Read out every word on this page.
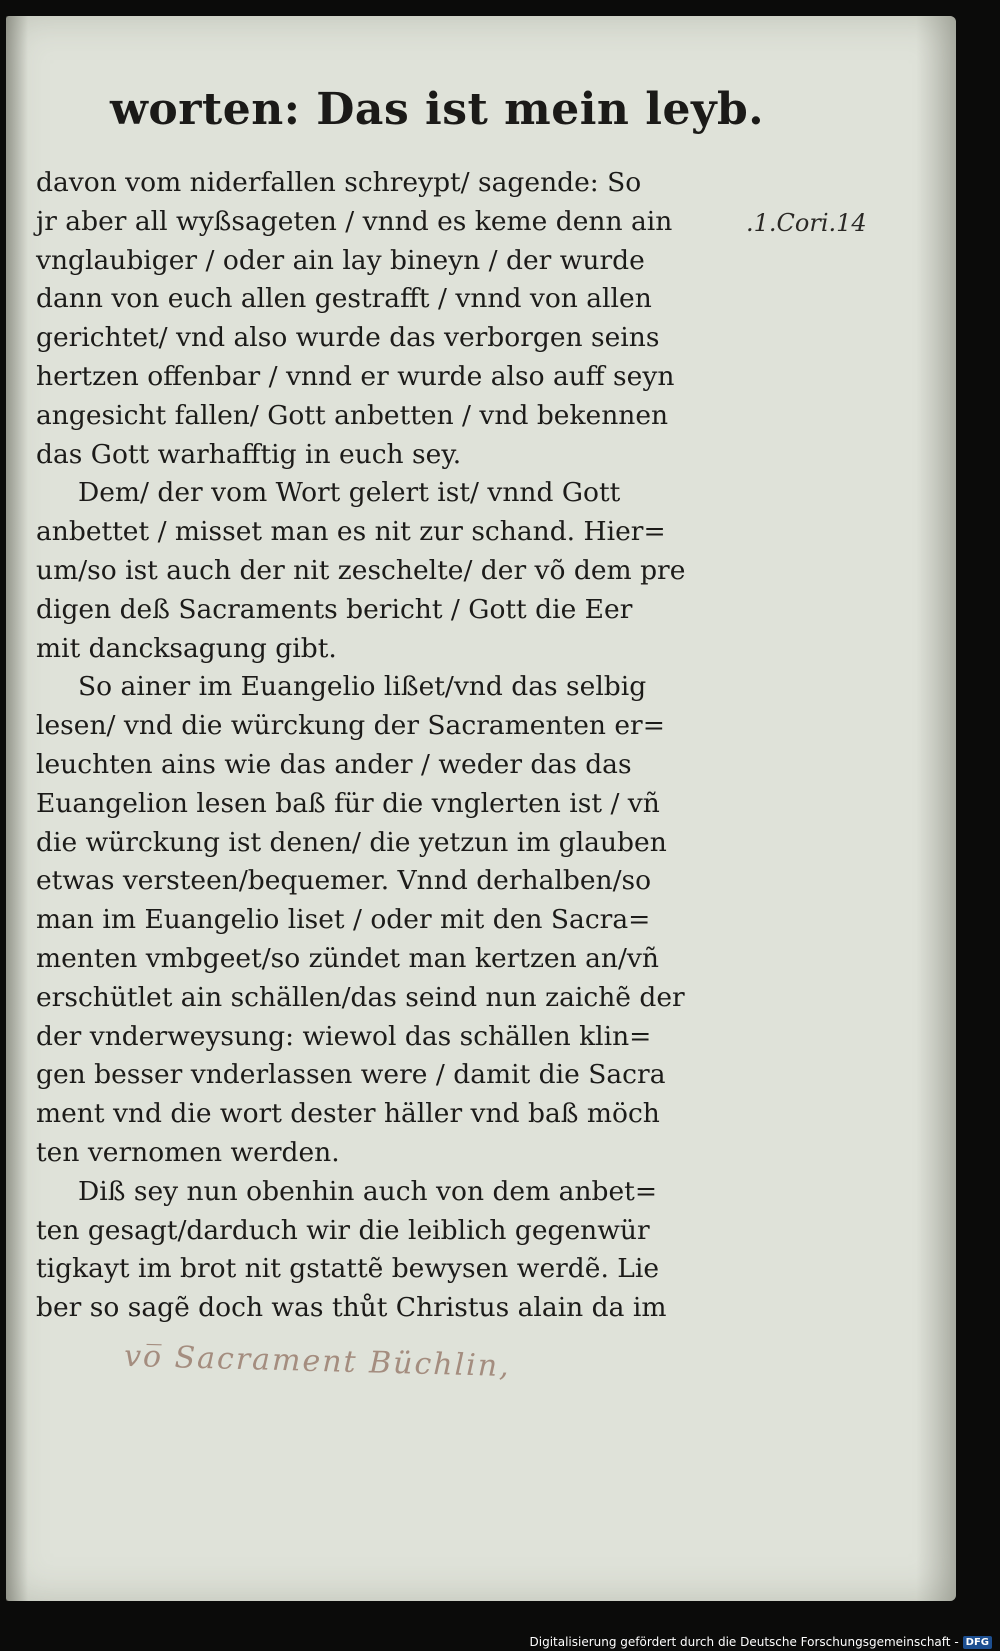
worten: Das ist mein leyb.
.1.Cori.14
davon vom niderfallen schreypt/ sagende: So
jr aber all wyßsageten / vnnd es keme denn ain
vnglaubiger / oder ain lay bineyn / der wurde
dann von euch allen gestrafft / vnnd von allen
gerichtet/ vnd also wurde das verborgen seins
hertzen offenbar / vnnd er wurde also auff seyn
angesicht fallen/ Gott anbetten / vnd bekennen
das Gott warhafftig in euch sey.
Dem/ der vom Wort gelert ist/ vnnd Gott
anbettet / misset man es nit zur schand. Hier=
um/so ist auch der nit zeschelte/ der võ dem pre
digen deß Sacraments bericht / Gott die Eer
mit dancksagung gibt.
So ainer im Euangelio lißet/vnd das selbig
lesen/ vnd die würckung der Sacramenten er=
leuchten ains wie das ander / weder das das
Euangelion lesen baß für die vnglerten ist / vñ
die würckung ist denen/ die yetzun im glauben
etwas versteen/bequemer. Vnnd derhalben/so
man im Euangelio liset / oder mit den Sacra=
menten vmbgeet/so zündet man kertzen an/vñ
erschütlet ain schällen/das seind nun zaichẽ der
der vnderweysung: wiewol das schällen klin=
gen besser vnderlassen were / damit die Sacra
ment vnd die wort dester häller vnd baß möch
ten vernomen werden.
Diß sey nun obenhin auch von dem anbet=
ten gesagt/darduch wir die leiblich gegenwür
tigkayt im brot nit gstattẽ bewysen werdẽ. Lie
ber so sagẽ doch was thůt Christus alain da im
vo̅ Sacrament Büchlin,
Digitalisierung gefördert durch die Deutsche Forschungsgemeinschaft - DFG
